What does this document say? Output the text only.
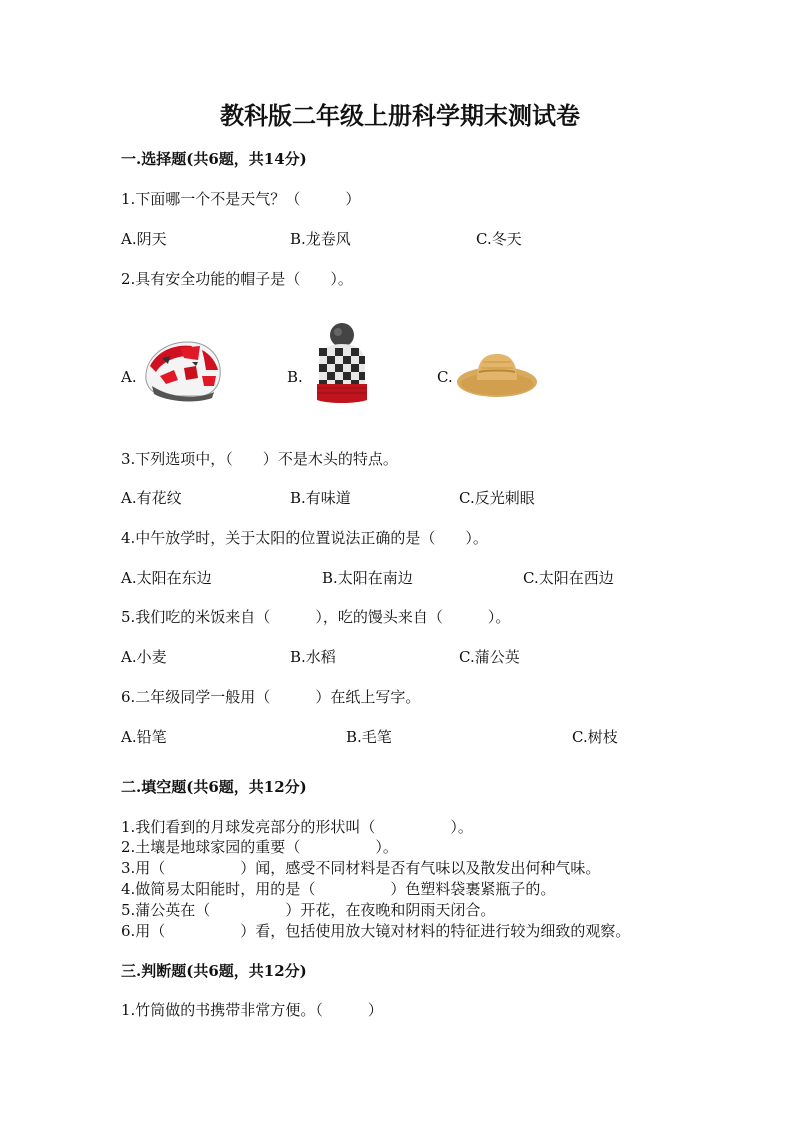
教科版二年级上册科学期末测试卷
一.选择题(共6题，共14分)
1.下面哪一个不是天气？（　　　）
A.阴天	B.龙卷风	C.冬天
2.具有安全功能的帽子是（　　）。
A.	B.	C.
3.下列选项中，（　　）不是木头的特点。
A.有花纹	B.有味道	C.反光刺眼
4.中午放学时，关于太阳的位置说法正确的是（　　）。
A.太阳在东边	B.太阳在南边	C.太阳在西边
5.我们吃的米饭来自（　　　），吃的馒头来自（　　　）。
A.小麦	B.水稻	C.蒲公英
6.二年级同学一般用（　　　）在纸上写字。
A.铅笔	B.毛笔	C.树枝
二.填空题(共6题，共12分)
1.我们看到的月球发亮部分的形状叫（　　　　　）。
2.土壤是地球家园的重要（　　　　　）。
3.用（　　　　　）闻，感受不同材料是否有气味以及散发出何种气味。
4.做简易太阳能时，用的是（　　　　　）色塑料袋裹紧瓶子的。
5.蒲公英在（　　　　　）开花，在夜晚和阴雨天闭合。
6.用（　　　　　）看，包括使用放大镜对材料的特征进行较为细致的观察。
三.判断题(共6题，共12分)
1.竹筒做的书携带非常方便。（　　　）
